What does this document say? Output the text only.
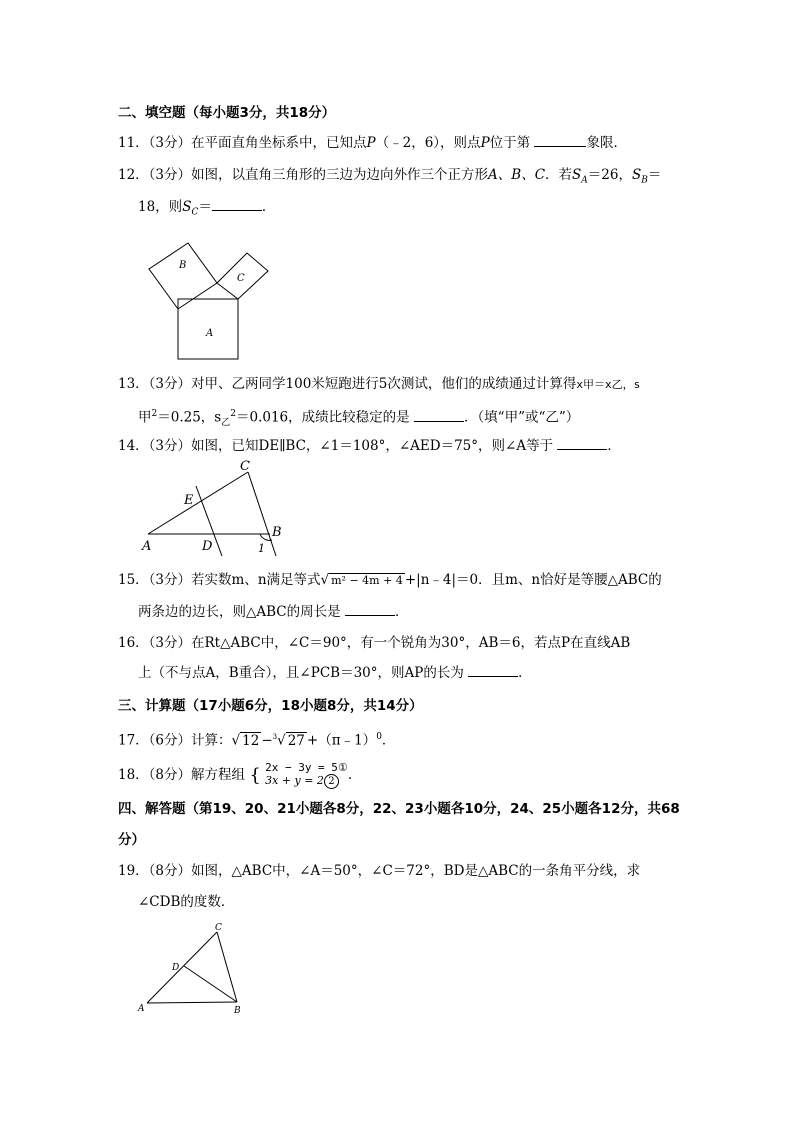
二、填空题（每小题3分，共18分）
11．（3分）在平面直角坐标系中，已知点P（﹣2，6），则点P位于第	象限．
12．（3分）如图，以直角三角形的三边为边向外作三个正方形A、B、C．若$S_A=26$，$S_B=$
18，则$S_C=$	．
A
B
C
13．（3分）对甲、乙两同学100米短跑进行5次测试，他们的成绩通过计算得x甲＝x乙，s
甲$^2$＝0.25，$s_乙^2=0.016$，成绩比较稳定的是	．（填“甲”或“乙”）
14．（3分）如图，已知DE∥BC，∠1＝108°，∠AED＝75°，则∠A等于	．
A
B
C
D
E
1
15．（3分）若实数m、n满足等式√ m² − 4m + 4 +|n﹣4|＝0．且m、n恰好是等腰△ABC的
两条边的边长，则△ABC的周长是	．
16．（3分）在Rt△ABC中，∠C＝90°，有一个锐角为30°，AB＝6，若点P在直线AB
上（不与点A，B重合），且∠PCB＝30°，则AP的长为	．
三、计算题（17小题6分，18小题8分，共14分）
17．（6分）计算：√ 12 −$^3$√ 27 +（π﹣1）$^0$．
18．（8分）解方程组 { 2x − 3y = 5①
3x + y = 2 2 ．
四、解答题（第19、20、21小题各8分，22、23小题各10分，24、25小题各12分，共68
分）
19．（8分）如图，△ABC中，∠A＝50°，∠C＝72°，BD是△ABC的一条角平分线，求
∠CDB的度数．
A	B
C
D
